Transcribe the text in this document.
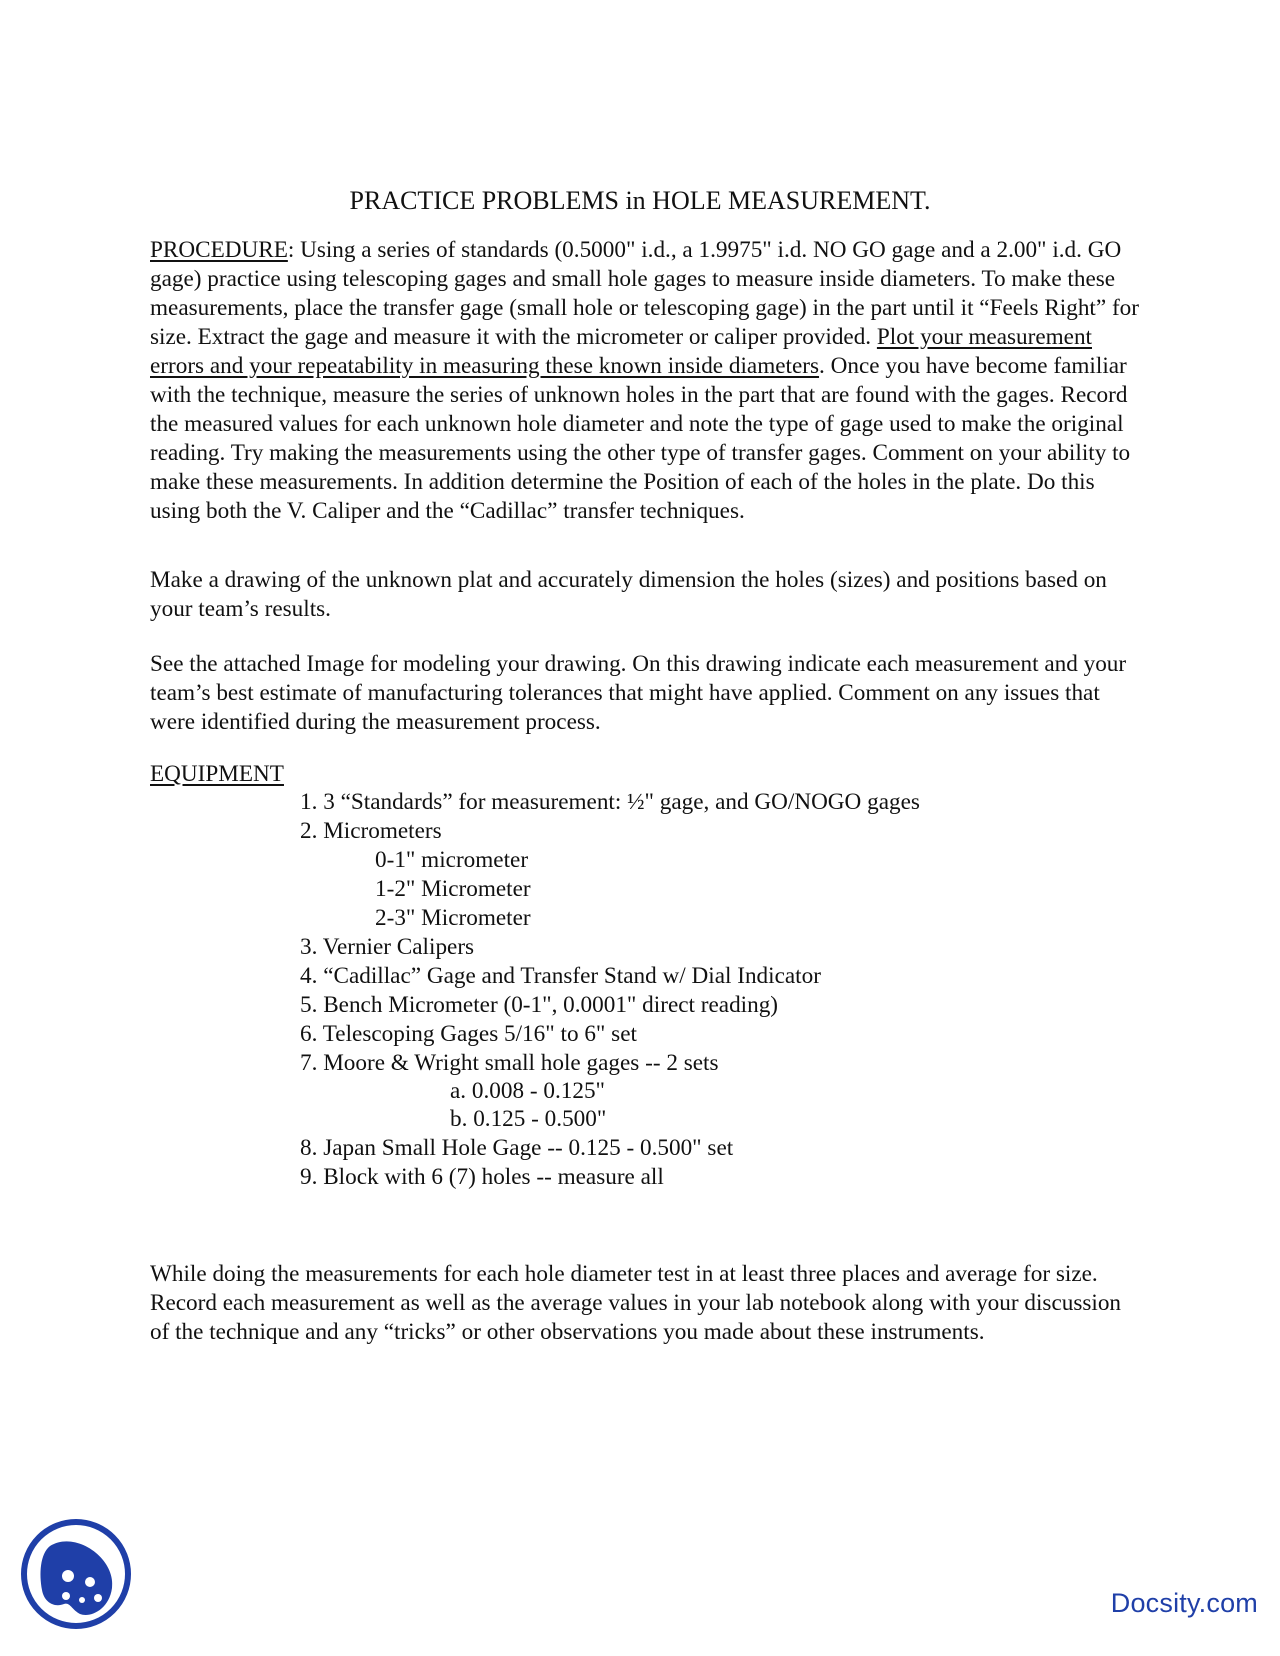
PRACTICE PROBLEMS in HOLE MEASUREMENT.

PROCEDURE: Using a series of standards (0.5000" i.d., a 1.9975" i.d. NO GO gage and a 2.00" i.d. GO gage) practice using telescoping gages and small hole gages to measure inside diameters. To make these measurements, place the transfer gage (small hole or telescoping gage) in the part until it “Feels Right” for size. Extract the gage and measure it with the micrometer or caliper provided. Plot your measurement errors and your repeatability in measuring these known inside diameters. Once you have become familiar with the technique, measure the series of unknown holes in the part that are found with the gages. Record the measured values for each unknown hole diameter and note the type of gage used to make the original reading. Try making the measurements using the other type of transfer gages. Comment on your ability to make these measurements. In addition determine the Position of each of the holes in the plate. Do this using both the V. Caliper and the “Cadillac” transfer techniques.

Make a drawing of the unknown plat and accurately dimension the holes (sizes) and positions based on your team’s results.

See the attached Image for modeling your drawing. On this drawing indicate each measurement and your team’s best estimate of manufacturing tolerances that might have applied. Comment on any issues that were identified during the measurement process.

EQUIPMENT

1. 3 “Standards” for measurement: ½" gage, and GO/NOGO gages
2. Micrometers
0-1" micrometer
1-2" Micrometer
2-3" Micrometer
3. Vernier Calipers
4. “Cadillac” Gage and Transfer Stand w/ Dial Indicator
5. Bench Micrometer (0-1", 0.0001" direct reading)
6. Telescoping Gages 5/16" to 6" set
7. Moore & Wright small hole gages -- 2 sets
a. 0.008 - 0.125"
b. 0.125 - 0.500"
8. Japan Small Hole Gage -- 0.125 - 0.500" set
9. Block with 6 (7) holes -- measure all

While doing the measurements for each hole diameter test in at least three places and average for size. Record each measurement as well as the average values in your lab notebook along with your discussion of the technique and any “tricks” or other observations you made about these instruments.

Docsity.com
